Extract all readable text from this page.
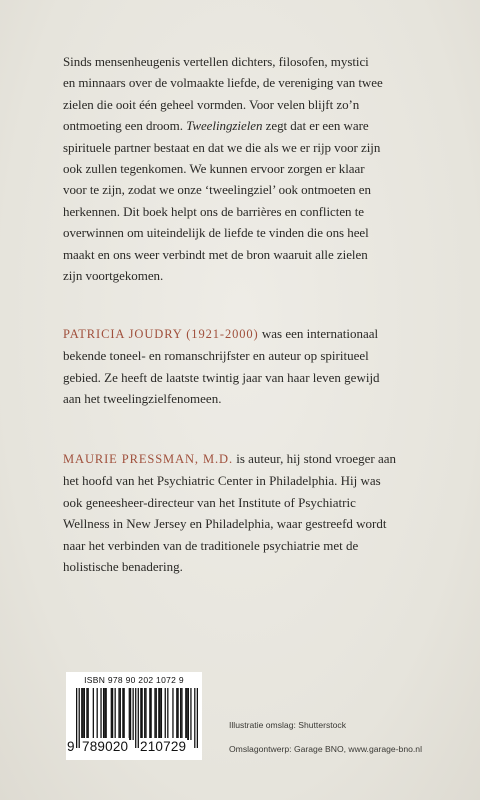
Sinds mensenheugenis vertellen dichters, filosofen, mystici
en minnaars over de volmaakte liefde, de vereniging van twee
zielen die ooit één geheel vormden. Voor velen blijft zo’n
ontmoeting een droom. Tweelingzielen zegt dat er een ware
spirituele partner bestaat en dat we die als we er rijp voor zijn
ook zullen tegenkomen. We kunnen ervoor zorgen er klaar
voor te zijn, zodat we onze ‘tweelingziel’ ook ontmoeten en
herkennen. Dit boek helpt ons de barrières en conflicten te
overwinnen om uiteindelijk de liefde te vinden die ons heel
maakt en ons weer verbindt met de bron waaruit alle zielen
zijn voortgekomen.

PATRICIA JOUDRY (1921-2000) was een internationaal
bekende toneel- en romanschrijfster en auteur op spiritueel
gebied. Ze heeft de laatste twintig jaar van haar leven gewijd
aan het tweelingzielfenomeen.

MAURIE PRESSMAN, M.D. is auteur, hij stond vroeger aan
het hoofd van het Psychiatric Center in Philadelphia. Hij was
ook geneesheer-directeur van het Institute of Psychiatric
Wellness in New Jersey en Philadelphia, waar gestreefd wordt
naar het verbinden van de traditionele psychiatrie met de
holistische benadering.

ISBN 978 90 202 1072 9
9 789020 210729
Illustratie omslag: Shutterstock
Omslagontwerp: Garage BNO, www.garage-bno.nl
